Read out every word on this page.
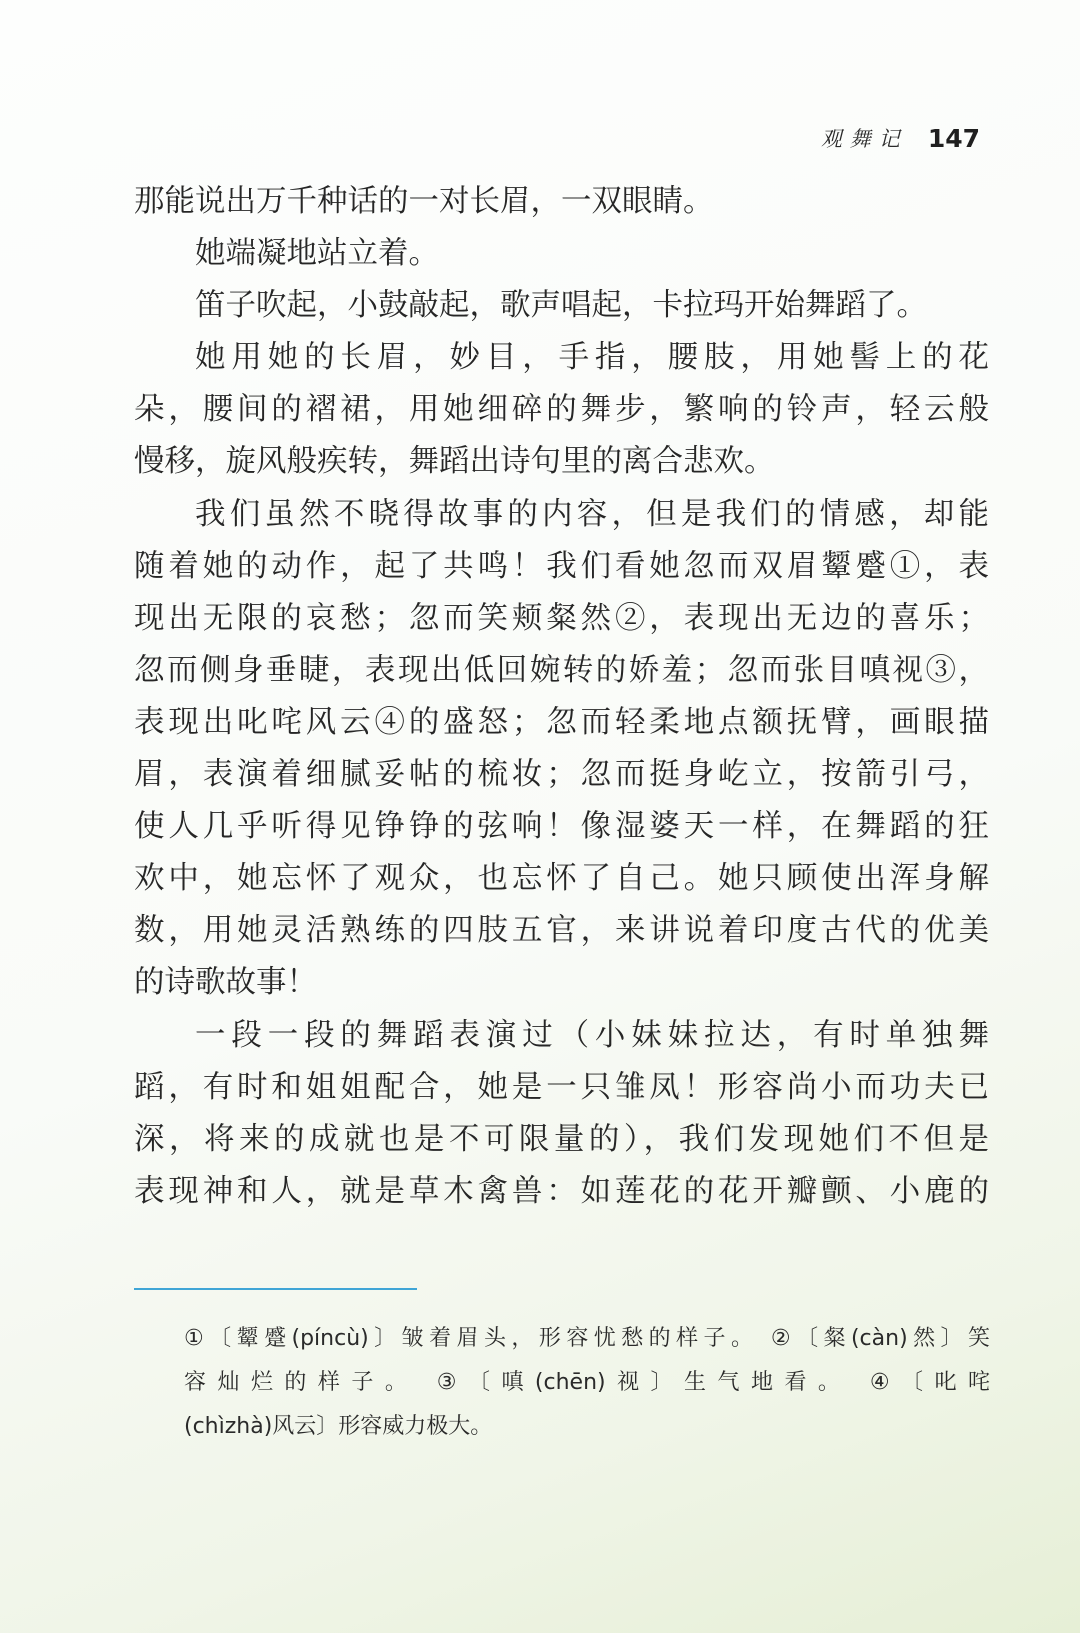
观舞记 147
那能说出万千种话的一对长眉，一双眼睛。
她端凝地站立着。
笛子吹起，小鼓敲起，歌声唱起，卡拉玛开始舞蹈了。
她用她的长眉，妙目，手指，腰肢，用她髻上的花
朵，腰间的褶裙，用她细碎的舞步，繁响的铃声，轻云般
慢移，旋风般疾转，舞蹈出诗句里的离合悲欢。
我们虽然不晓得故事的内容，但是我们的情感，却能
随着她的动作，起了共鸣！我们看她忽而双眉颦蹙①，表
现出无限的哀愁；忽而笑颊粲然②，表现出无边的喜乐；
忽而侧身垂睫，表现出低回婉转的娇羞；忽而张目嗔视③，
表现出叱咤风云④的盛怒；忽而轻柔地点额抚臂，画眼描
眉，表演着细腻妥帖的梳妆；忽而挺身屹立，按箭引弓，
使人几乎听得见铮铮的弦响！像湿婆天一样，在舞蹈的狂
欢中，她忘怀了观众，也忘怀了自己。她只顾使出浑身解
数，用她灵活熟练的四肢五官，来讲说着印度古代的优美
的诗歌故事！
一段一段的舞蹈表演过（小妹妹拉达，有时单独舞
蹈，有时和姐姐配合，她是一只雏凤！形容尚小而功夫已
深，将来的成就也是不可限量的），我们发现她们不但是
表现神和人，就是草木禽兽：如莲花的花开瓣颤、小鹿的
①〔颦蹙(píncù)〕皱着眉头，形容忧愁的样子。 ②〔粲(càn)然〕笑
容灿烂的样子。 ③〔嗔(chēn)视〕生气地看。 ④〔叱咤
(chìzhà)风云〕形容威力极大。
